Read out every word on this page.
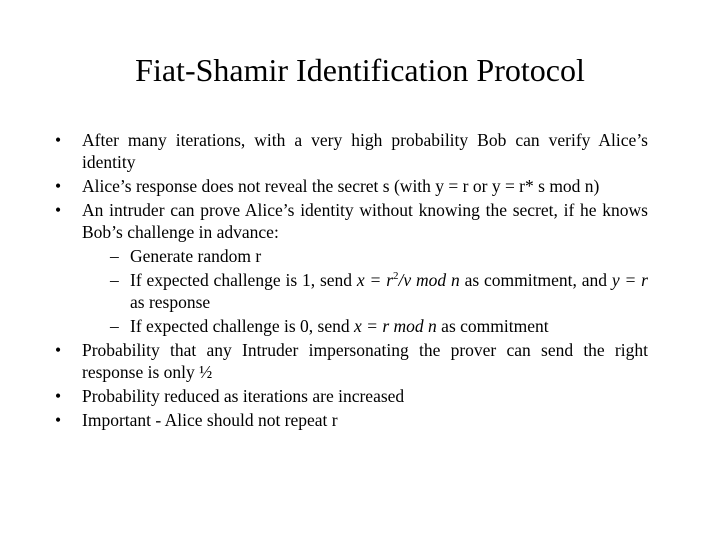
Fiat-Shamir Identification Protocol
• After many iterations, with a very high probability Bob can verify Alice’s identity
• Alice’s response does not reveal the secret s (with y = r or y = r* s mod n)
• An intruder can prove Alice’s identity without knowing the secret, if he knows Bob’s challenge in advance:
– Generate random r
– If expected challenge is 1, send $x = r^2/v$ mod n as commitment, and y = r as response
– If expected challenge is 0, send x = r mod n as commitment
• Probability that any Intruder impersonating the prover can send the right response is only ½
• Probability reduced as iterations are increased
• Important - Alice should not repeat r
